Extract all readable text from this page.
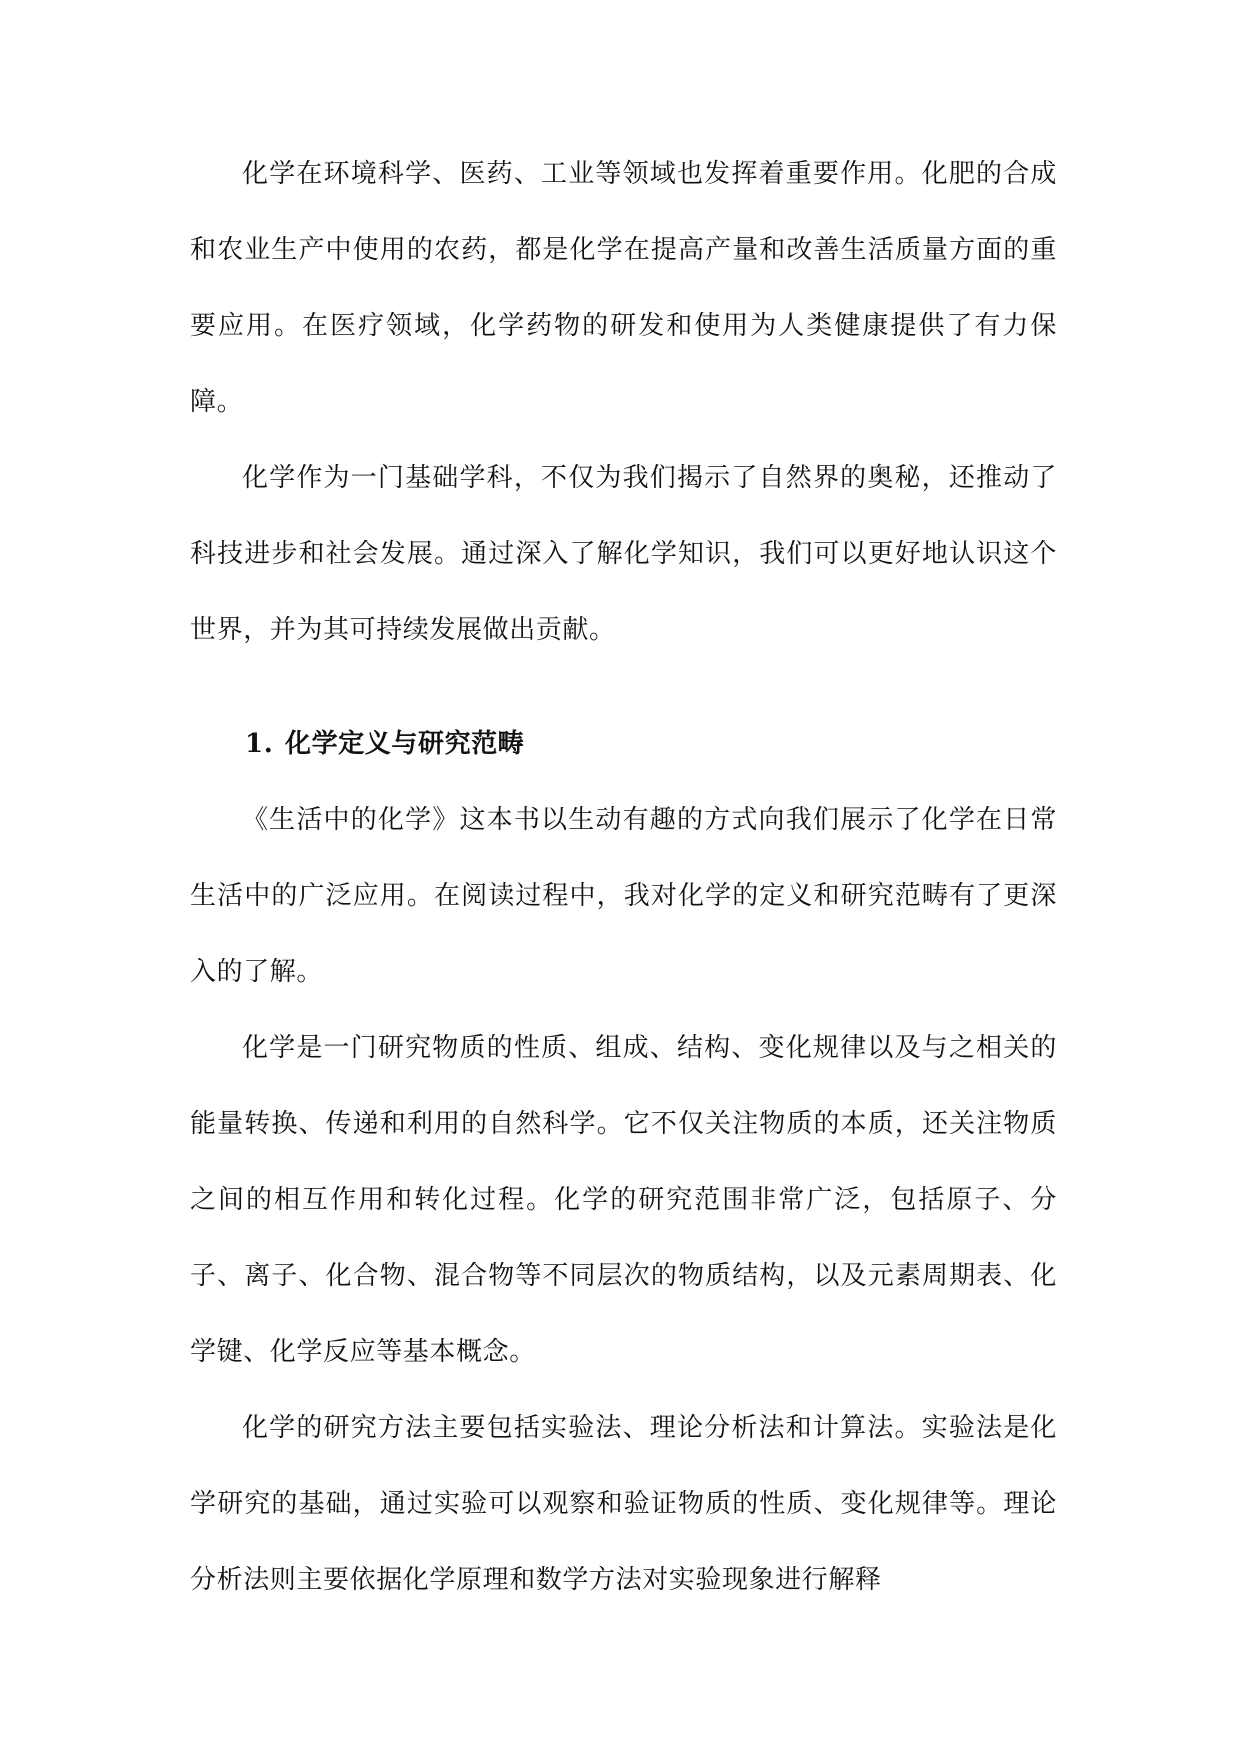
化学在环境科学、医药、工业等领域也发挥着重要作用。化肥的合成和农业生产中使用的农药，都是化学在提高产量和改善生活质量方面的重要应用。在医疗领域，化学药物的研发和使用为人类健康提供了有力保障。

化学作为一门基础学科，不仅为我们揭示了自然界的奥秘，还推动了科技进步和社会发展。通过深入了解化学知识，我们可以更好地认识这个世界，并为其可持续发展做出贡献。

1. 化学定义与研究范畴

《生活中的化学》这本书以生动有趣的方式向我们展示了化学在日常生活中的广泛应用。在阅读过程中，我对化学的定义和研究范畴有了更深入的了解。

化学是一门研究物质的性质、组成、结构、变化规律以及与之相关的能量转换、传递和利用的自然科学。它不仅关注物质的本质，还关注物质之间的相互作用和转化过程。化学的研究范围非常广泛，包括原子、分子、离子、化合物、混合物等不同层次的物质结构，以及元素周期表、化学键、化学反应等基本概念。

化学的研究方法主要包括实验法、理论分析法和计算法。实验法是化学研究的基础，通过实验可以观察和验证物质的性质、变化规律等。理论分析法则主要依据化学原理和数学方法对实验现象进行解释
